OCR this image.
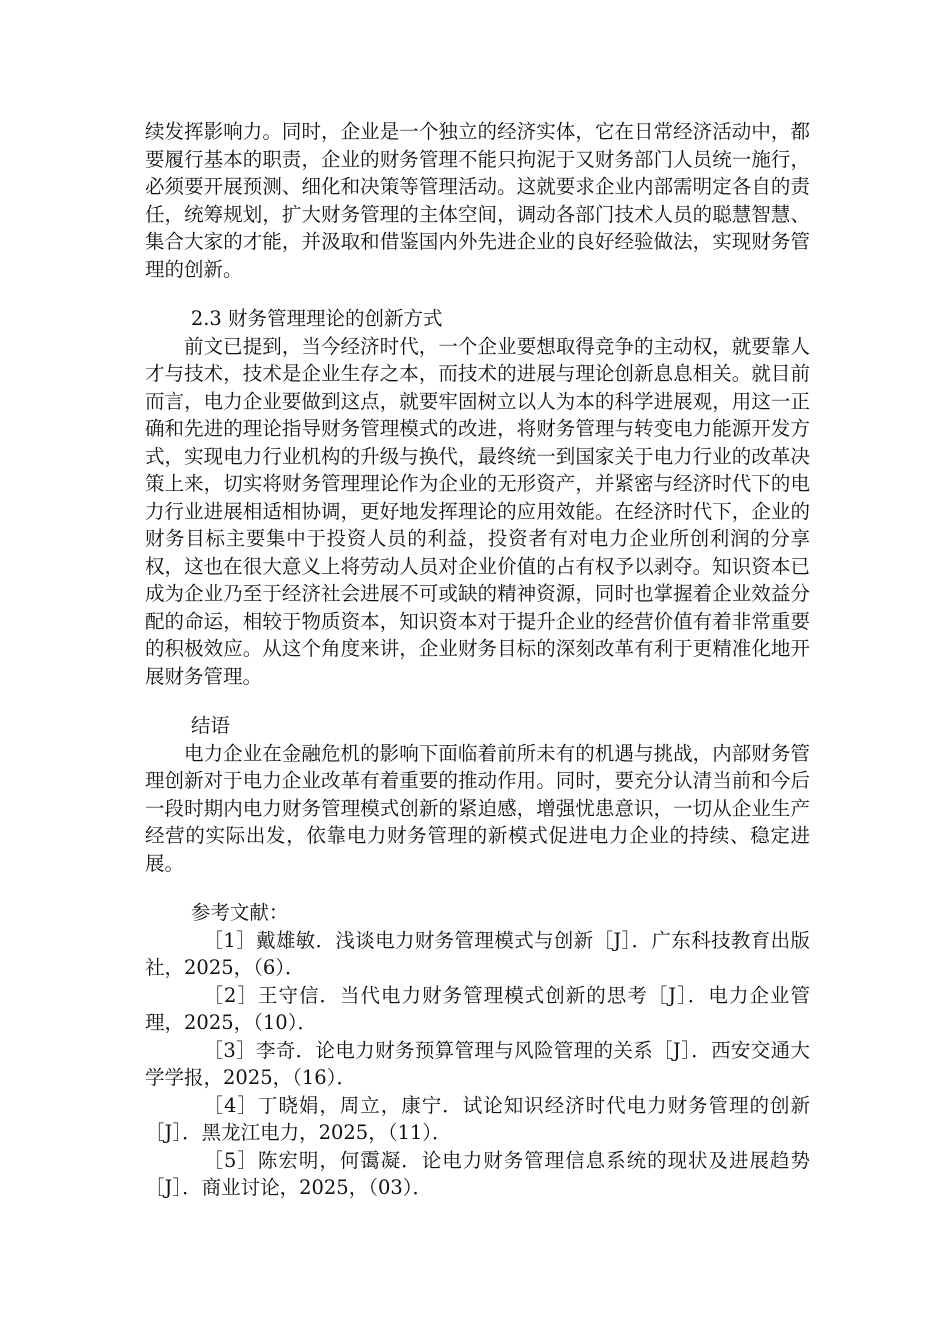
续发挥影响力。同时，企业是一个独立的经济实体，它在日常经济活动中，都要履行基本的职责，企业的财务管理不能只拘泥于又财务部门人员统一施行，必须要开展预测、细化和决策等管理活动。这就要求企业内部需明定各自的责任，统筹规划，扩大财务管理的主体空间，调动各部门技术人员的聪慧智慧、集合大家的才能，并汲取和借鉴国内外先进企业的良好经验做法，实现财务管理的创新。

2.3 财务管理理论的创新方式

前文已提到，当今经济时代，一个企业要想取得竞争的主动权，就要靠人才与技术，技术是企业生存之本，而技术的进展与理论创新息息相关。就目前而言，电力企业要做到这点，就要牢固树立以人为本的科学进展观，用这一正确和先进的理论指导财务管理模式的改进，将财务管理与转变电力能源开发方式，实现电力行业机构的升级与换代，最终统一到国家关于电力行业的改革决策上来，切实将财务管理理论作为企业的无形资产，并紧密与经济时代下的电力行业进展相适相协调，更好地发挥理论的应用效能。在经济时代下，企业的财务目标主要集中于投资人员的利益，投资者有对电力企业所创利润的分享权，这也在很大意义上将劳动人员对企业价值的占有权予以剥夺。知识资本已成为企业乃至于经济社会进展不可或缺的精神资源，同时也掌握着企业效益分配的命运，相较于物质资本，知识资本对于提升企业的经营价值有着非常重要的积极效应。从这个角度来讲，企业财务目标的深刻改革有利于更精准化地开展财务管理。

结语

电力企业在金融危机的影响下面临着前所未有的机遇与挑战，内部财务管理创新对于电力企业改革有着重要的推动作用。同时，要充分认清当前和今后一段时期内电力财务管理模式创新的紧迫感，增强忧患意识，一切从企业生产经营的实际出发，依靠电力财务管理的新模式促进电力企业的持续、稳定进展。

参考文献：

［1］戴雄敏．浅谈电力财务管理模式与创新［J］．广东科技教育出版社，2025，（6）．
［2］王守信．当代电力财务管理模式创新的思考［J］．电力企业管理，2025，（10）．
［3］李奇．论电力财务预算管理与风险管理的关系［J］．西安交通大学学报，2025，（16）．
［4］丁晓娟，周立，康宁．试论知识经济时代电力财务管理的创新［J］．黑龙江电力，2025，（11）．
［5］陈宏明，何霭凝．论电力财务管理信息系统的现状及进展趋势［J］．商业讨论，2025，（03）．
